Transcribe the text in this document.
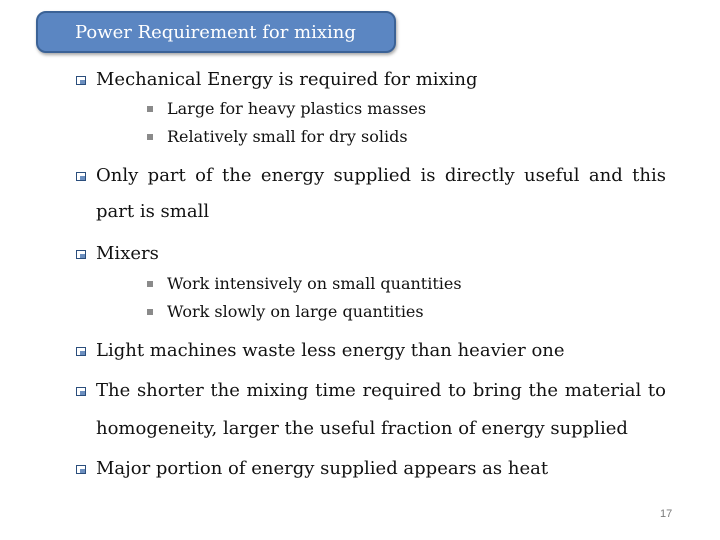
Power Requirement for mixing
Mechanical Energy is required for mixing
Large for heavy plastics masses
Relatively small for dry solids
Only part of the energy supplied is directly useful and this
part is small
Mixers
Work intensively on small quantities
Work slowly on large quantities
Light machines waste less energy than heavier one
The shorter the mixing time required to bring the material to
homogeneity, larger the useful fraction of energy supplied
Major portion of energy supplied appears as heat
17
